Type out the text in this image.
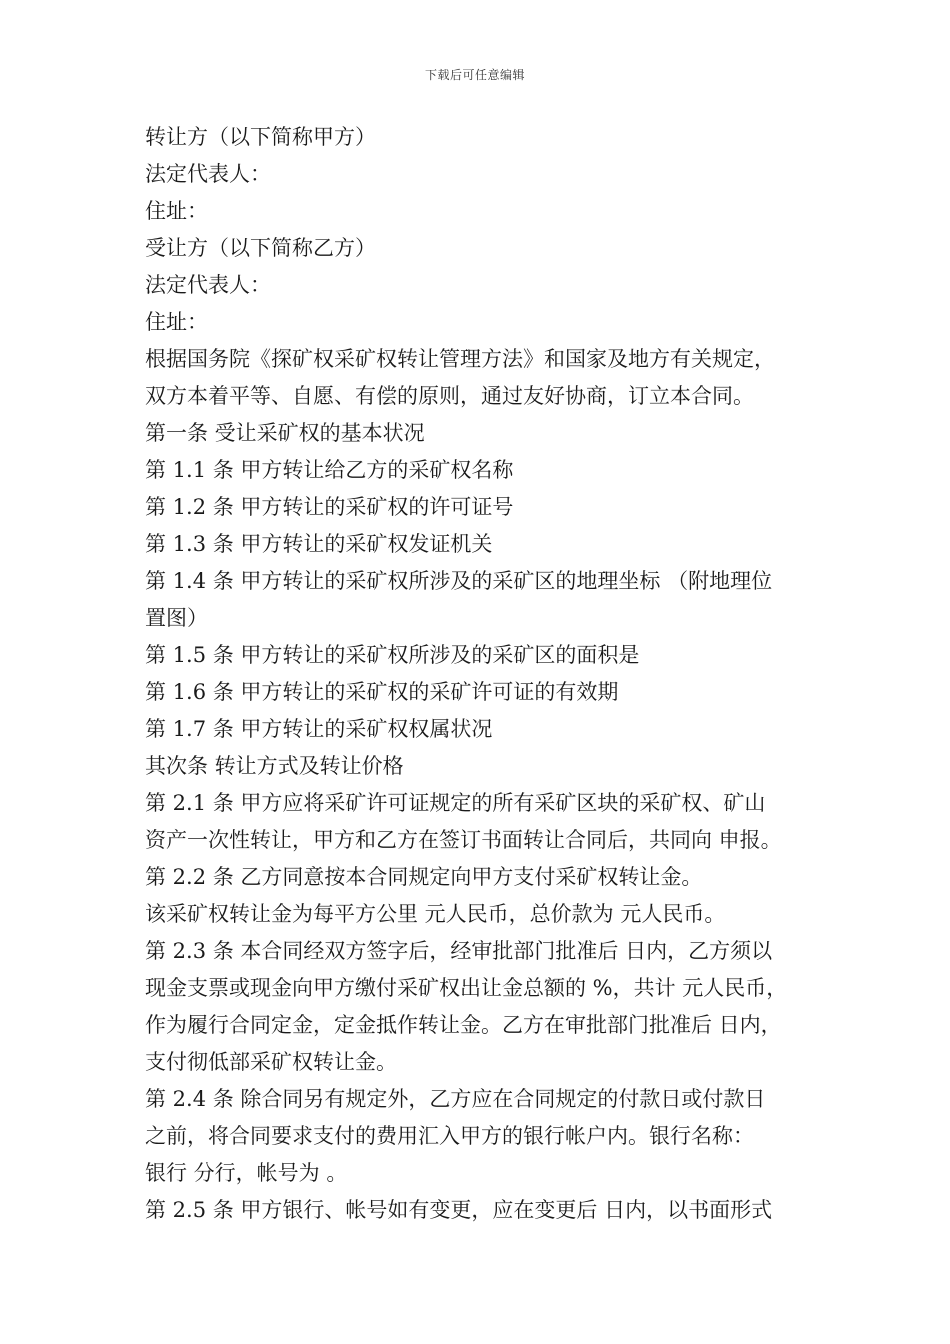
下载后可任意编辑
转让方（以下简称甲方）
法定代表人：
住址：
受让方（以下简称乙方）
法定代表人：
住址：
根据国务院《探矿权采矿权转让管理方法》和国家及地方有关规定，
双方本着平等、自愿、有偿的原则，通过友好协商，订立本合同。
第一条 受让采矿权的基本状况
第 1.1 条 甲方转让给乙方的采矿权名称
第 1.2 条 甲方转让的采矿权的许可证号
第 1.3 条 甲方转让的采矿权发证机关
第 1.4 条 甲方转让的采矿权所涉及的采矿区的地理坐标 （附地理位
置图）
第 1.5 条 甲方转让的采矿权所涉及的采矿区的面积是
第 1.6 条 甲方转让的采矿权的采矿许可证的有效期
第 1.7 条 甲方转让的采矿权权属状况
其次条 转让方式及转让价格
第 2.1 条 甲方应将采矿许可证规定的所有采矿区块的采矿权、矿山
资产一次性转让，甲方和乙方在签订书面转让合同后，共同向 申报。
第 2.2 条 乙方同意按本合同规定向甲方支付采矿权转让金。
该采矿权转让金为每平方公里 元人民币，总价款为 元人民币。
第 2.3 条 本合同经双方签字后，经审批部门批准后 日内，乙方须以
现金支票或现金向甲方缴付采矿权出让金总额的 %，共计 元人民币，
作为履行合同定金，定金抵作转让金。乙方在审批部门批准后 日内，
支付彻低部采矿权转让金。
第 2.4 条 除合同另有规定外，乙方应在合同规定的付款日或付款日
之前，将合同要求支付的费用汇入甲方的银行帐户内。银行名称：
银行 分行，帐号为 。
第 2.5 条 甲方银行、帐号如有变更，应在变更后 日内，以书面形式
